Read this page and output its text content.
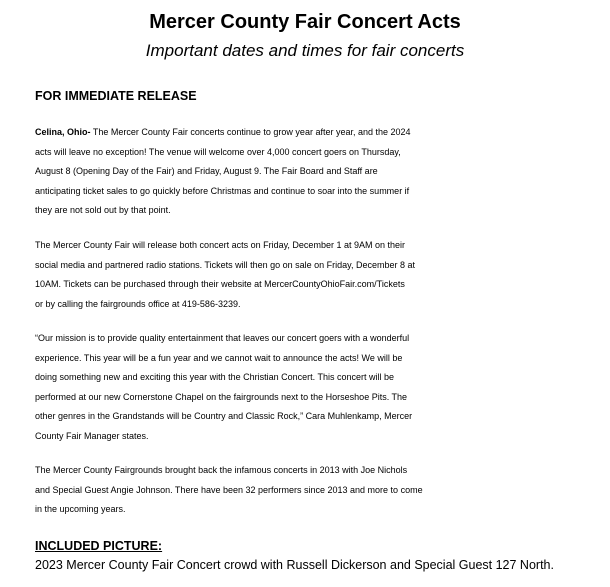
Mercer County Fair Concert Acts
Important dates and times for fair concerts
FOR IMMEDIATE RELEASE

Celina, Ohio- The Mercer County Fair concerts continue to grow year after year, and the 2024
acts will leave no exception! The venue will welcome over 4,000 concert goers on Thursday,
August 8 (Opening Day of the Fair) and Friday, August 9. The Fair Board and Staff are
anticipating ticket sales to go quickly before Christmas and continue to soar into the summer if
they are not sold out by that point.

The Mercer County Fair will release both concert acts on Friday, December 1 at 9AM on their
social media and partnered radio stations. Tickets will then go on sale on Friday, December 8 at
10AM. Tickets can be purchased through their website at MercerCountyOhioFair.com/Tickets
or by calling the fairgrounds office at 419-586-3239.

“Our mission is to provide quality entertainment that leaves our concert goers with a wonderful
experience. This year will be a fun year and we cannot wait to announce the acts! We will be
doing something new and exciting this year with the Christian Concert. This concert will be
performed at our new Cornerstone Chapel on the fairgrounds next to the Horseshoe Pits. The
other genres in the Grandstands will be Country and Classic Rock,” Cara Muhlenkamp, Mercer
County Fair Manager states.

The Mercer County Fairgrounds brought back the infamous concerts in 2013 with Joe Nichols
and Special Guest Angie Johnson. There have been 32 performers since 2013 and more to come
in the upcoming years.

INCLUDED PICTURE:
2023 Mercer County Fair Concert crowd with Russell Dickerson and Special Guest 127 North.
